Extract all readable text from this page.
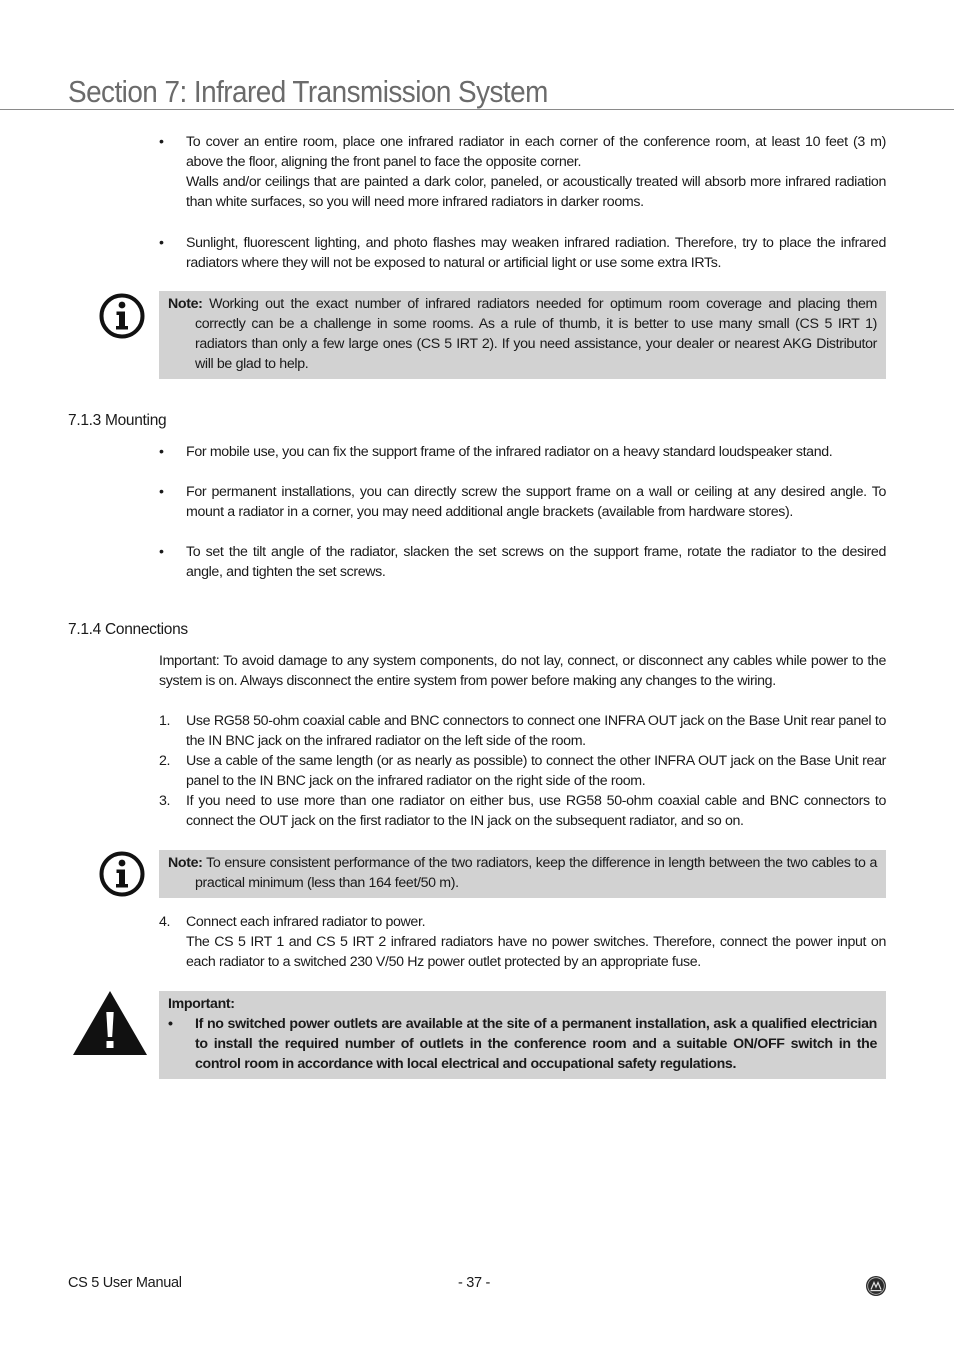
Section 7: Infrared Transmission System
• To cover an entire room, place one infrared radiator in each corner of the conference room, at least 10 feet (3 m) above the floor, aligning the front panel to face the opposite corner.

Walls and/or ceilings that are painted a dark color, paneled, or acoustically treated will absorb more infrared radiation than white surfaces, so you will need more infrared radiators in darker rooms.

• Sunlight, fluorescent lighting, and photo flashes may weaken infrared radiation. Therefore, try to place the infrared radiators where they will not be exposed to natural or artificial light or use some extra IRTs.

Note: Working out the exact number of infrared radiators needed for optimum room coverage and placing them correctly can be a challenge in some rooms. As a rule of thumb, it is better to use many small (CS 5 IRT 1) radiators than only a few large ones (CS 5 IRT 2). If you need assistance, your dealer or nearest AKG Distributor will be glad to help.

7.1.3 Mounting
• For mobile use, you can fix the support frame of the infrared radiator on a heavy standard loudspeaker stand.

• For permanent installations, you can directly screw the support frame on a wall or ceiling at any desired angle. To mount a radiator in a corner, you may need additional angle brackets (available from hardware stores).

• To set the tilt angle of the radiator, slacken the set screws on the support frame, rotate the radiator to the desired angle, and tighten the set screws.

7.1.4 Connections

Important: To avoid damage to any system components, do not lay, connect, or disconnect any cables while power to the system is on. Always disconnect the entire system from power before making any changes to the wiring.

1. Use RG58 50-ohm coaxial cable and BNC connectors to connect one INFRA OUT jack on the Base Unit rear panel to the IN BNC jack on the infrared radiator on the left side of the room.

2. Use a cable of the same length (or as nearly as possible) to connect the other INFRA OUT jack on the Base Unit rear panel to the IN BNC jack on the infrared radiator on the right side of the room.

3. If you need to use more than one radiator on either bus, use RG58 50-ohm coaxial cable and BNC connectors to connect the OUT jack on the first radiator to the IN jack on the subsequent radiator, and so on.

Note: To ensure consistent performance of the two radiators, keep the difference in length between the two cables to a practical minimum (less than 164 feet/50 m).

4. Connect each infrared radiator to power.

The CS 5 IRT 1 and CS 5 IRT 2 infrared radiators have no power switches. Therefore, connect the power input on each radiator to a switched 230 V/50 Hz power outlet protected by an appropriate fuse.

Important:
• If no switched power outlets are available at the site of a permanent installation, ask a qualified electrician to install the required number of outlets in the conference room and a suitable ON/OFF switch in the control room in accordance with local electrical and occupational safety regulations.

CS 5 User Manual	- 37 -
